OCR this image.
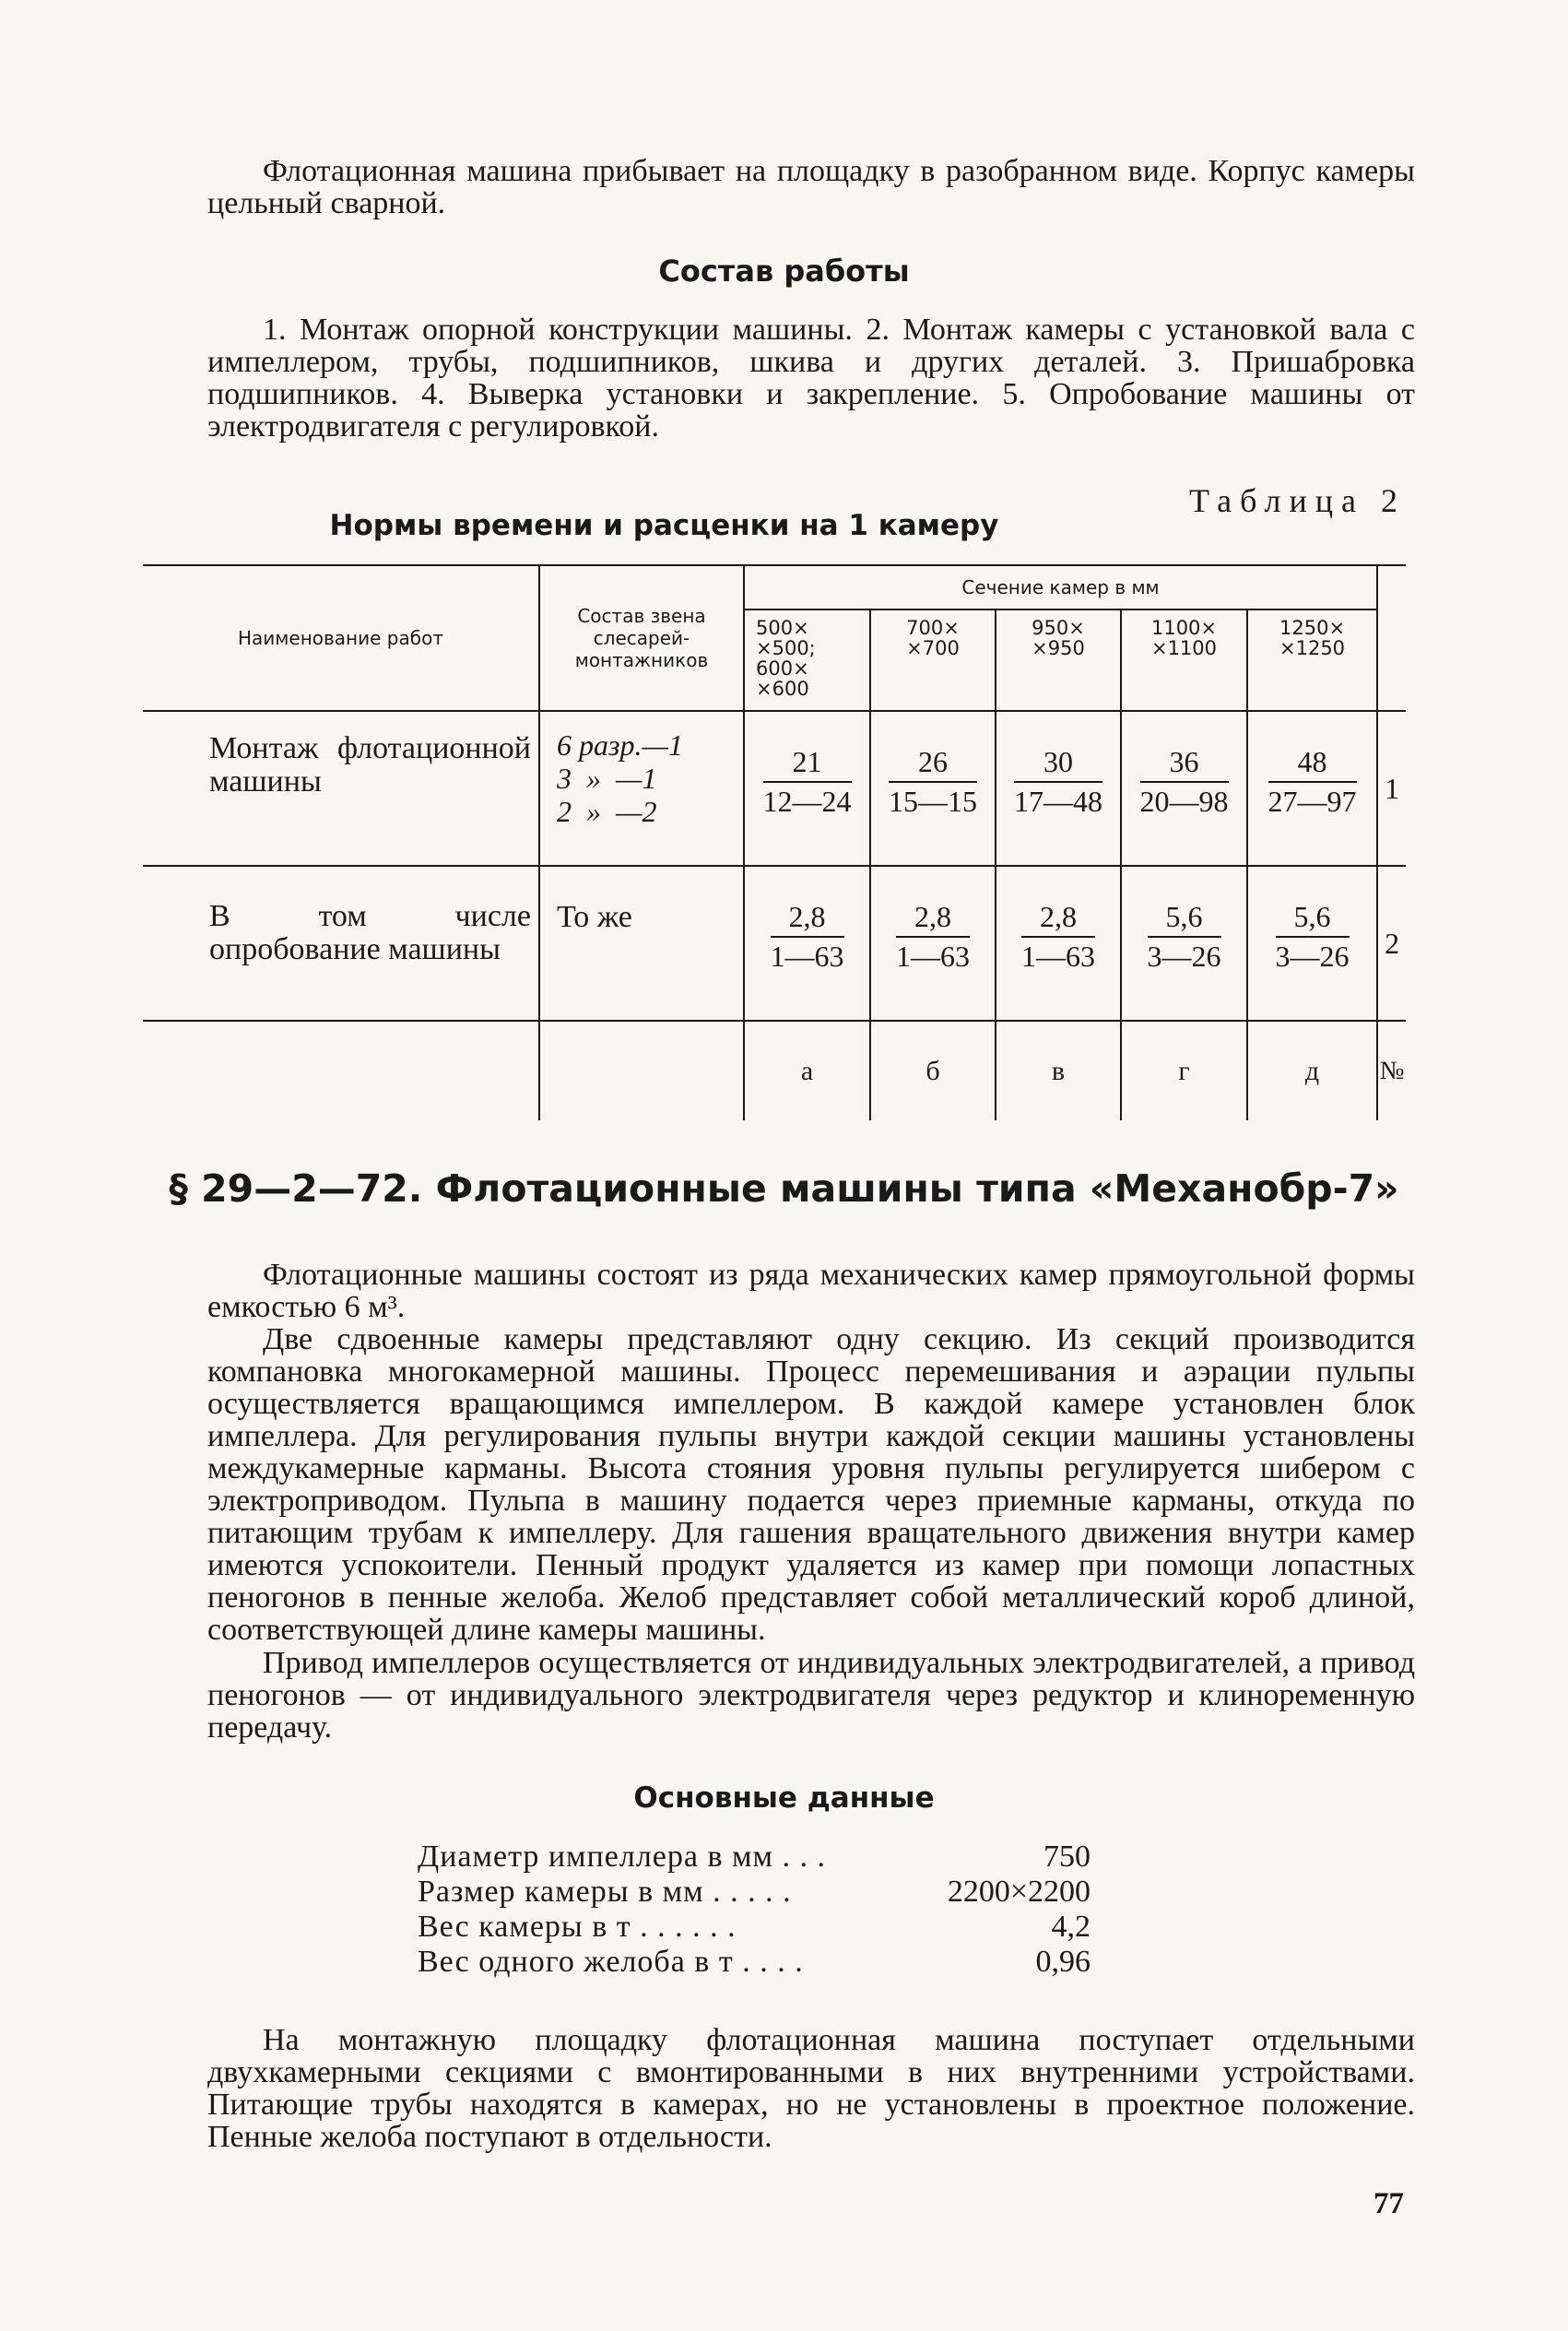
Флотационная машина прибывает на площадку в разобранном виде. Корпус камеры цельный сварной.

Состав работы

1. Монтаж опорной конструкции машины. 2. Монтаж камеры с установкой вала с импеллером, трубы, подшипников, шкива и других деталей. 3. Пришабровка подшипников. 4. Выверка установки и закрепление. 5. Опробование машины от электродвигателя с регулировкой.

Таблица 2
Нормы времени и расценки на 1 камеру
Наименование работ	Состав звена слесарей-монтажников	Сечение камер в мм					

		500×
×500;
600×
×600	700×
×700	950×
×950	1100×
×1100	1250×
×1250	

Монтаж флотационной машины	6 разр.—1
3  »  —1
2  »  —2	$\frac{21}{12—24}$	$\frac{26}{15—15}$	$\frac{30}{17—48}$	$\frac{36}{20—98}$	$\frac{48}{27—97}$	1

В том числе опробование машины	То же	$\frac{2,8}{1—63}$	$\frac{2,8}{1—63}$	$\frac{2,8}{1—63}$	$\frac{5,6}{3—26}$	$\frac{5,6}{3—26}$	2
		а	б	в	г	д	№
§ 29—2—72. Флотационные машины типа «Механобр-7»

Флотационные машины состоят из ряда механических камер прямоугольной формы емкостью 6 м³.

Две сдвоенные камеры представляют одну секцию. Из секций производится компановка многокамерной машины. Процесс перемешивания и аэрации пульпы осуществляется вращающимся импеллером. В каждой камере установлен блок импеллера. Для регулирования пульпы внутри каждой секции машины установлены междукамерные карманы. Высота стояния уровня пульпы регулируется шибером с электроприводом. Пульпа в машину подается через приемные карманы, откуда по питающим трубам к импеллеру. Для гашения вращательного движения внутри камер имеются успокоители. Пенный продукт удаляется из камер при помощи лопастных пеногонов в пенные желоба. Желоб представляет собой металлический короб длиной, соответствующей длине камеры машины.

Привод импеллеров осуществляется от индивидуальных электродвигателей, а привод пеногонов — от индивидуального электродвигателя через редуктор и клиноременную передачу.

Основные данные
Диаметр импеллера в мм . . .	750
Размер камеры в мм . . . . .	2200×2200
Вес камеры в т . . . . . .	4,2
Вес одного желоба в т . . . .	0,96

На монтажную площадку флотационная машина поступает отдельными двухкамерными секциями с вмонтированными в них внутренними устройствами. Питающие трубы находятся в камерах, но не установлены в проектное положение. Пенные желоба поступают в отдельности.

77
